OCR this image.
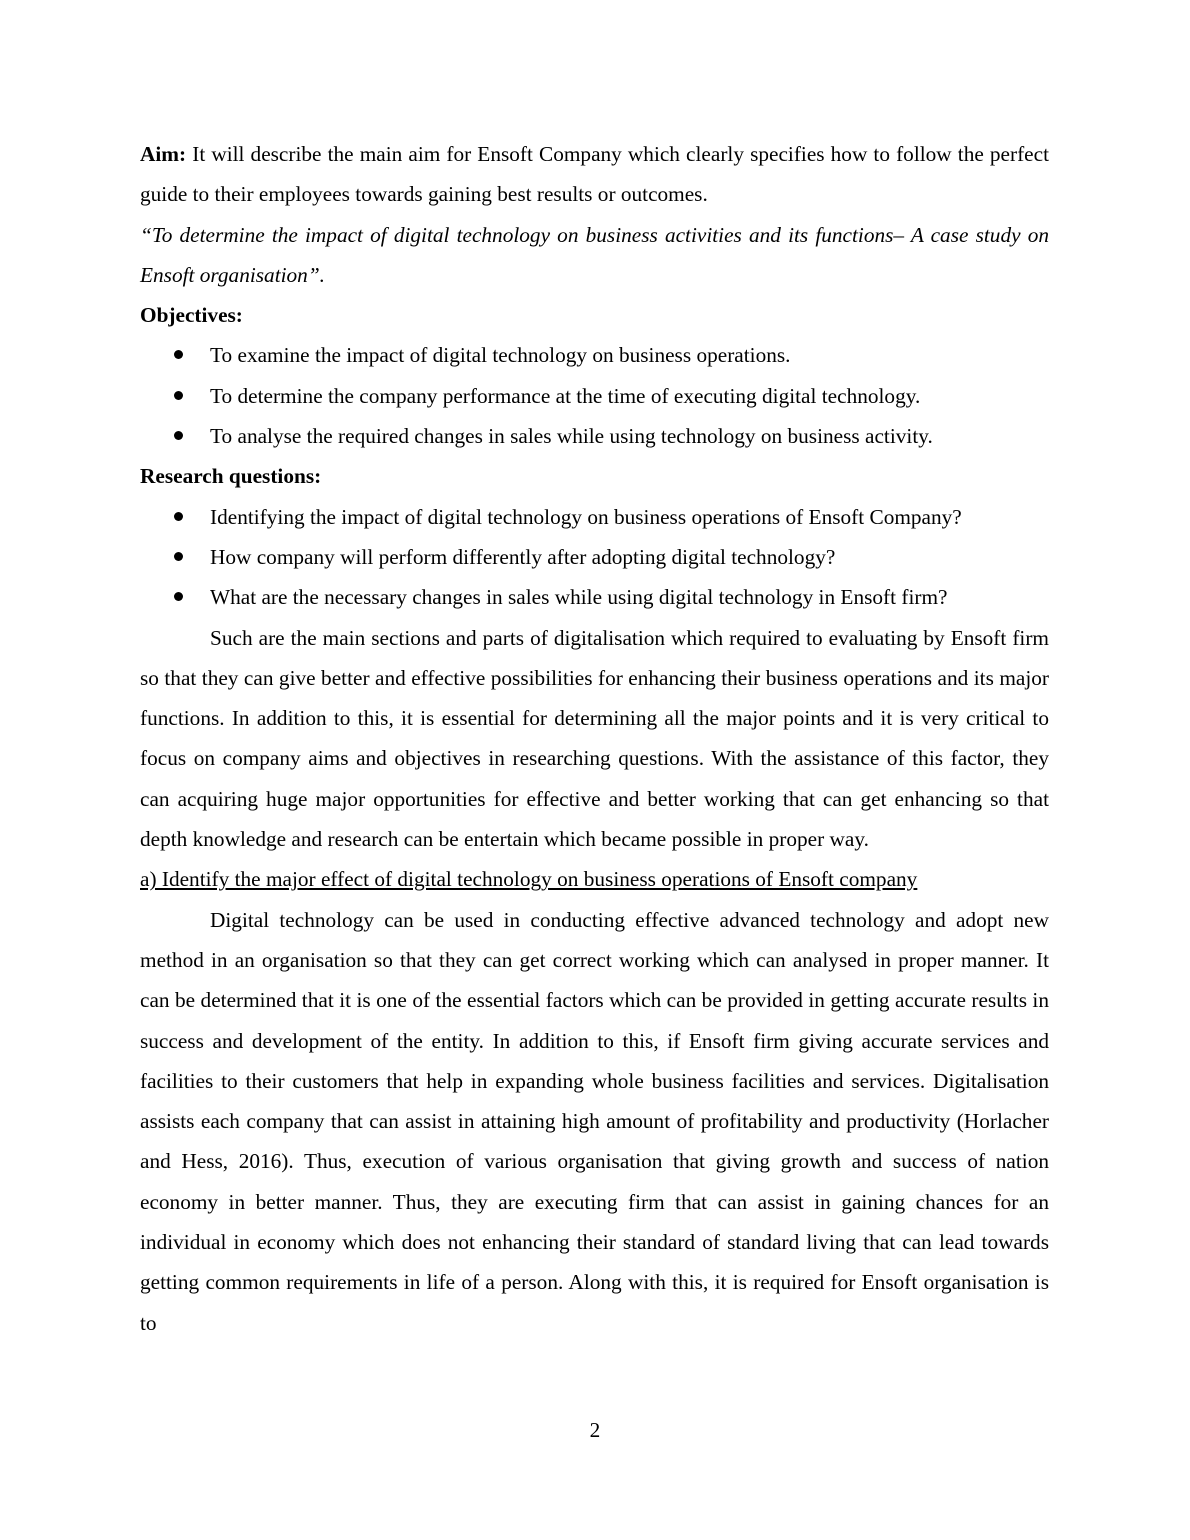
Aim: It will describe the main aim for Ensoft Company which clearly specifies how to follow the perfect guide to their employees towards gaining best results or outcomes.

“To determine the impact of digital technology on business activities and its functions– A case study on Ensoft organisation”.

Objectives:

To examine the impact of digital technology on business operations.
To determine the company performance at the time of executing digital technology.
To analyse the required changes in sales while using technology on business activity.

Research questions:

Identifying the impact of digital technology on business operations of Ensoft Company?
How company will perform differently after adopting digital technology?
What are the necessary changes in sales while using digital technology in Ensoft firm?

Such are the main sections and parts of digitalisation which required to evaluating by Ensoft firm so that they can give better and effective possibilities for enhancing their business operations and its major functions. In addition to this, it is essential for determining all the major points and it is very critical to focus on company aims and objectives in researching questions. With the assistance of this factor, they can acquiring huge major opportunities for effective and better working that can get enhancing so that depth knowledge and research can be entertain which became possible in proper way.

a) Identify the major effect of digital technology on business operations of Ensoft company

Digital technology can be used in conducting effective advanced technology and adopt new method in an organisation so that they can get correct working which can analysed in proper manner. It can be determined that it is one of the essential factors which can be provided in getting accurate results in success and development of the entity. In addition to this, if Ensoft firm giving accurate services and facilities to their customers that help in expanding whole business facilities and services. Digitalisation assists each company that can assist in attaining high amount of profitability and productivity (Horlacher and Hess, 2016). Thus, execution of various organisation that giving growth and success of nation economy in better manner. Thus, they are executing firm that can assist in gaining chances for an individual in economy which does not enhancing their standard of standard living that can lead towards getting common requirements in life of a person. Along with this, it is required for Ensoft organisation is to

2
